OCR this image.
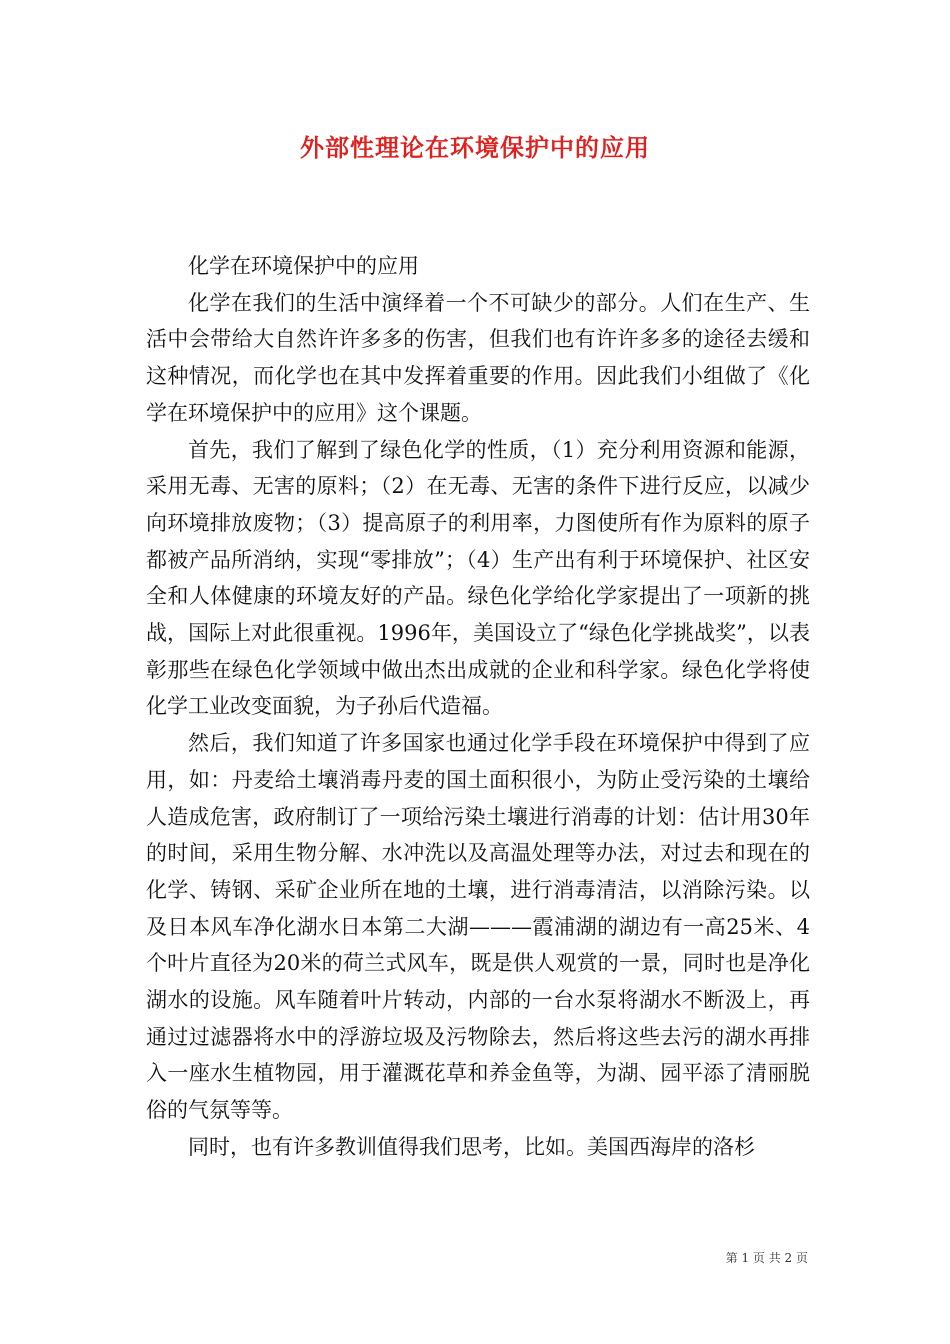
外部性理论在环境保护中的应用

化学在环境保护中的应用

化学在我们的生活中演绎着一个不可缺少的部分。人们在生产、生活中会带给大自然许许多多的伤害，但我们也有许许多多的途径去缓和这种情况，而化学也在其中发挥着重要的作用。因此我们小组做了《化学在环境保护中的应用》这个课题。

首先，我们了解到了绿色化学的性质，（1）充分利用资源和能源，采用无毒、无害的原料；（2）在无毒、无害的条件下进行反应，以减少向环境排放废物；（3）提高原子的利用率，力图使所有作为原料的原子都被产品所消纳，实现“零排放”；（4）生产出有利于环境保护、社区安全和人体健康的环境友好的产品。绿色化学给化学家提出了一项新的挑战，国际上对此很重视。1996年，美国设立了“绿色化学挑战奖”，以表彰那些在绿色化学领域中做出杰出成就的企业和科学家。绿色化学将使化学工业改变面貌，为子孙后代造福。

然后，我们知道了许多国家也通过化学手段在环境保护中得到了应用，如：丹麦给土壤消毒丹麦的国土面积很小，为防止受污染的土壤给人造成危害，政府制订了一项给污染土壤进行消毒的计划：估计用30年的时间，采用生物分解、水冲洗以及高温处理等办法，对过去和现在的化学、铸钢、采矿企业所在地的土壤，进行消毒清洁，以消除污染。以及日本风车净化湖水日本第二大湖———霞浦湖的湖边有一高25米、4个叶片直径为20米的荷兰式风车，既是供人观赏的一景，同时也是净化湖水的设施。风车随着叶片转动，内部的一台水泵将湖水不断汲上，再通过过滤器将水中的浮游垃圾及污物除去，然后将这些去污的湖水再排入一座水生植物园，用于灌溉花草和养金鱼等，为湖、园平添了清丽脱俗的气氛等等。

同时，也有许多教训值得我们思考，比如。美国西海岸的洛杉

第 1 页 共 2 页
